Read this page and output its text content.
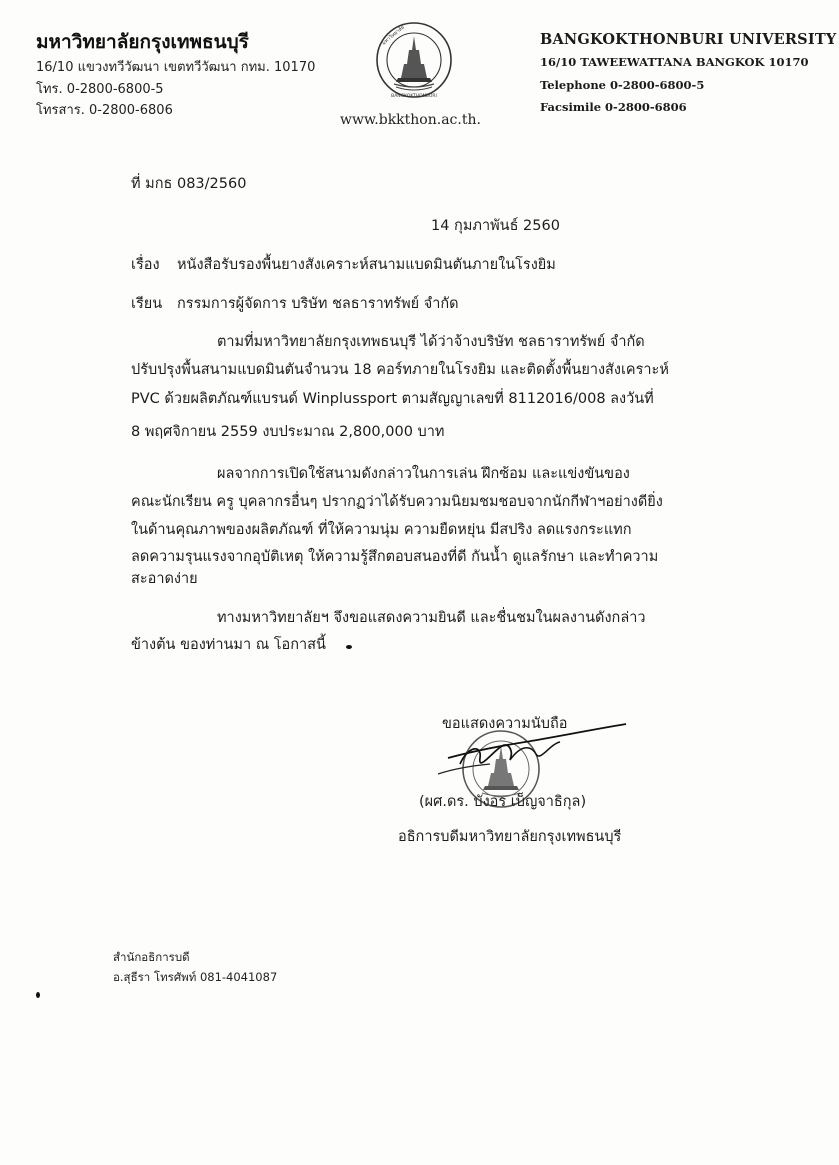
มหาวิทยาลัยกรุงเทพธนบุรี
16/10 แขวงทวีวัฒนา เขตทวีวัฒนา กทม. 10170
โทร. 0-2800-6800-5
โทรสาร. 0-2800-6806
มหาวิทยาลัย
BANGKOKTHONBURI
www.bkkthon.ac.th.
BANGKOKTHONBURI UNIVERSITY
16/10 TAWEEWATTANA BANGKOK 10170
Telephone 0-2800-6800-5
Facsimile 0-2800-6806
ที่ มกธ 083/2560
14 กุมภาพันธ์ 2560
เรื่อง หนังสือรับรองพื้นยางสังเคราะห์สนามแบดมินตันภายในโรงยิม
เรียน กรรมการผู้จัดการ บริษัท ชลธาราทรัพย์ จำกัด
ตามที่มหาวิทยาลัยกรุงเทพธนบุรี ได้ว่าจ้างบริษัท ชลธาราทรัพย์ จำกัด
ปรับปรุงพื้นสนามแบดมินตันจำนวน 18 คอร์ทภายในโรงยิม และติดตั้งพื้นยางสังเคราะห์
PVC ด้วยผลิตภัณฑ์แบรนด์ Winplussport ตามสัญญาเลขที่ 8112016/008 ลงวันที่
8 พฤศจิกายน 2559 งบประมาณ 2,800,000 บาท
ผลจากการเปิดใช้สนามดังกล่าวในการเล่น ฝึกซ้อม และแข่งขันของ
คณะนักเรียน ครู บุคลากรอื่นๆ ปรากฏว่าได้รับความนิยมชมชอบจากนักกีฬาฯอย่างดียิ่ง
ในด้านคุณภาพของผลิตภัณฑ์ ที่ให้ความนุ่ม ความยืดหยุ่น มีสปริง ลดแรงกระแทก
ลดความรุนแรงจากอุบัติเหตุ ให้ความรู้สึกตอบสนองที่ดี กันน้ำ ดูแลรักษา และทำความ
สะอาดง่าย
ทางมหาวิทยาลัยฯ จึงขอแสดงความยินดี และชื่นชมในผลงานดังกล่าว
ข้างต้น ของท่านมา ณ โอกาสนี้
ขอแสดงความนับถือ
(ผศ.ดร. บังอร เบ็ญจาธิกุล)
อธิการบดีมหาวิทยาลัยกรุงเทพธนบุรี
สำนักอธิการบดี
อ.สุธีรา โทรศัพท์ 081-4041087
